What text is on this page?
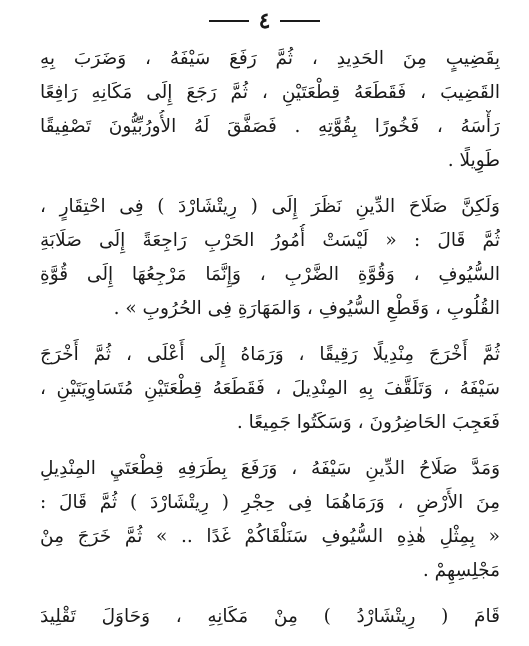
٤
بِقَضِيبٍ مِنَ الحَدِيدِ ، ثُمَّ رَفَعَ سَيْفَهُ ، وَضَرَبَ بِهِ
القَضِيبَ ، فَقَطَعَهُ قِطْعَتَيْنِ ، ثُمَّ رَجَعَ إِلَى مَكَانِهِ رَافِعًا
رَأْسَهُ ، فَخُورًا بِقُوَّتِهِ . فَصَفَّقَ لَهُ الأُورُبِّيُّونَ تَصْفِيقًا
طَوِيلًا .
وَلَكِنَّ صَلَاحَ الدِّينِ نَظَرَ إِلَى ( رِيتْشَارْدَ ) فِى احْتِقَارٍ ،
ثُمَّ قَالَ : « لَيْسَتْ أُمُورُ الحَرْبِ رَاجِعَةً إِلَى صَلَابَةِ
السُّيُوفِ ، وَقُوَّةِ الضَّرْبِ ، وَإِنَّمَا مَرْجِعُهَا إِلَى قُوَّةِ
القُلُوبِ ، وَقَطْعِ السُّيُوفِ ، وَالمَهَارَةِ فِى الحُرُوبِ » .
ثُمَّ أَخْرَجَ مِنْدِيلًا رَقِيقًا ، وَرَمَاهُ إِلَى أَعْلَى ، ثُمَّ أَخْرَجَ
سَيْفَهُ ، وَتَلَقَّفَ بِهِ المِنْدِيلَ ، فَقَطَعَهُ قِطْعَتَيْنِ مُتَسَاوِيَتَيْنِ ،
فَعَجِبَ الحَاضِرُونَ ، وَسَكَتُوا جَمِيعًا .
وَمَدَّ صَلَاحُ الدِّينِ سَيْفَهُ ، وَرَفَعَ بِطَرَفِهِ قِطْعَتَيِ المِنْدِيلِ
مِنَ الأَرْضِ ، وَرَمَاهُمَا فِى حِجْرِ ( رِيتْشَارْدَ ) ثُمَّ قَالَ :
« بِمِثْلِ هٰذِهِ السُّيُوفِ سَنَلْقَاكُمْ غَدًا .. » ثُمَّ خَرَجَ مِنْ
مَجْلِسِهِمْ .
قَامَ ( رِيتْشَارْدُ ) مِنْ مَكَانِهِ ، وَحَاوَلَ تَقْلِيدَ
